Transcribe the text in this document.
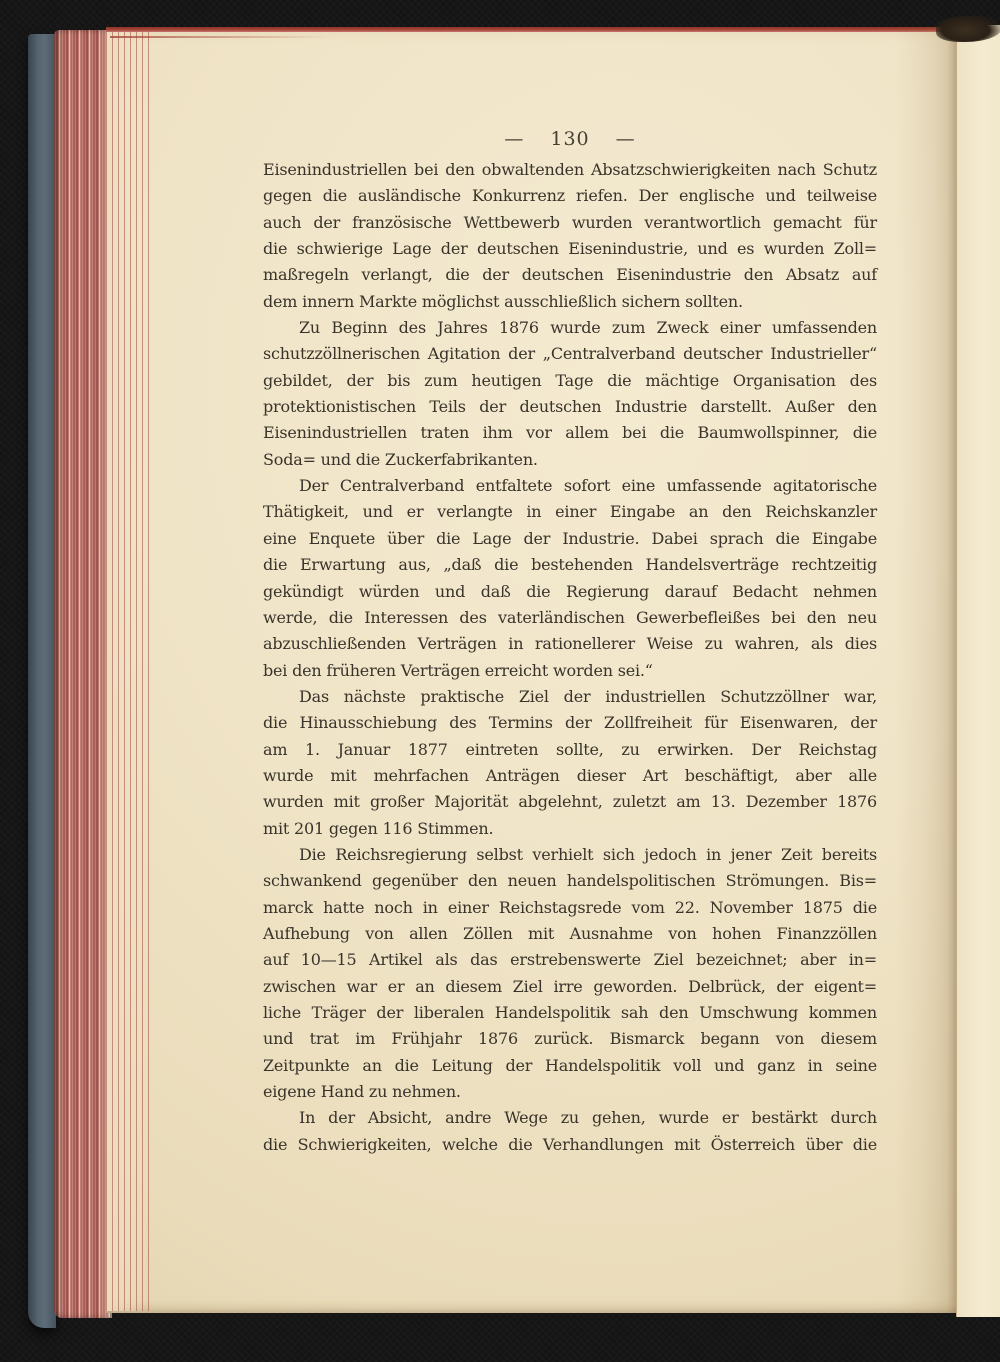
— 130 —
Eisenindustriellen bei den obwaltenden Absatzschwierigkeiten nach Schutz
gegen die ausländische Konkurrenz riefen. Der englische und teilweise
auch der französische Wettbewerb wurden verantwortlich gemacht für
die schwierige Lage der deutschen Eisenindustrie, und es wurden Zoll=
maßregeln verlangt, die der deutschen Eisenindustrie den Absatz auf
dem innern Markte möglichst ausschließlich sichern sollten.
Zu Beginn des Jahres 1876 wurde zum Zweck einer umfassenden
schutzzöllnerischen Agitation der „Centralverband deutscher Industrieller“
gebildet, der bis zum heutigen Tage die mächtige Organisation des
protektionistischen Teils der deutschen Industrie darstellt. Außer den
Eisenindustriellen traten ihm vor allem bei die Baumwollspinner, die
Soda= und die Zuckerfabrikanten.
Der Centralverband entfaltete sofort eine umfassende agitatorische
Thätigkeit, und er verlangte in einer Eingabe an den Reichskanzler
eine Enquete über die Lage der Industrie. Dabei sprach die Eingabe
die Erwartung aus, „daß die bestehenden Handelsverträge rechtzeitig
gekündigt würden und daß die Regierung darauf Bedacht nehmen
werde, die Interessen des vaterländischen Gewerbefleißes bei den neu
abzuschließenden Verträgen in rationellerer Weise zu wahren, als dies
bei den früheren Verträgen erreicht worden sei.“
Das nächste praktische Ziel der industriellen Schutzzöllner war,
die Hinausschiebung des Termins der Zollfreiheit für Eisenwaren, der
am 1. Januar 1877 eintreten sollte, zu erwirken. Der Reichstag
wurde mit mehrfachen Anträgen dieser Art beschäftigt, aber alle
wurden mit großer Majorität abgelehnt, zuletzt am 13. Dezember 1876
mit 201 gegen 116 Stimmen.
Die Reichsregierung selbst verhielt sich jedoch in jener Zeit bereits
schwankend gegenüber den neuen handelspolitischen Strömungen. Bis=
marck hatte noch in einer Reichstagsrede vom 22. November 1875 die
Aufhebung von allen Zöllen mit Ausnahme von hohen Finanzzöllen
auf 10—15 Artikel als das erstrebenswerte Ziel bezeichnet; aber in=
zwischen war er an diesem Ziel irre geworden. Delbrück, der eigent=
liche Träger der liberalen Handelspolitik sah den Umschwung kommen
und trat im Frühjahr 1876 zurück. Bismarck begann von diesem
Zeitpunkte an die Leitung der Handelspolitik voll und ganz in seine
eigene Hand zu nehmen.
In der Absicht, andre Wege zu gehen, wurde er bestärkt durch
die Schwierigkeiten, welche die Verhandlungen mit Österreich über die
